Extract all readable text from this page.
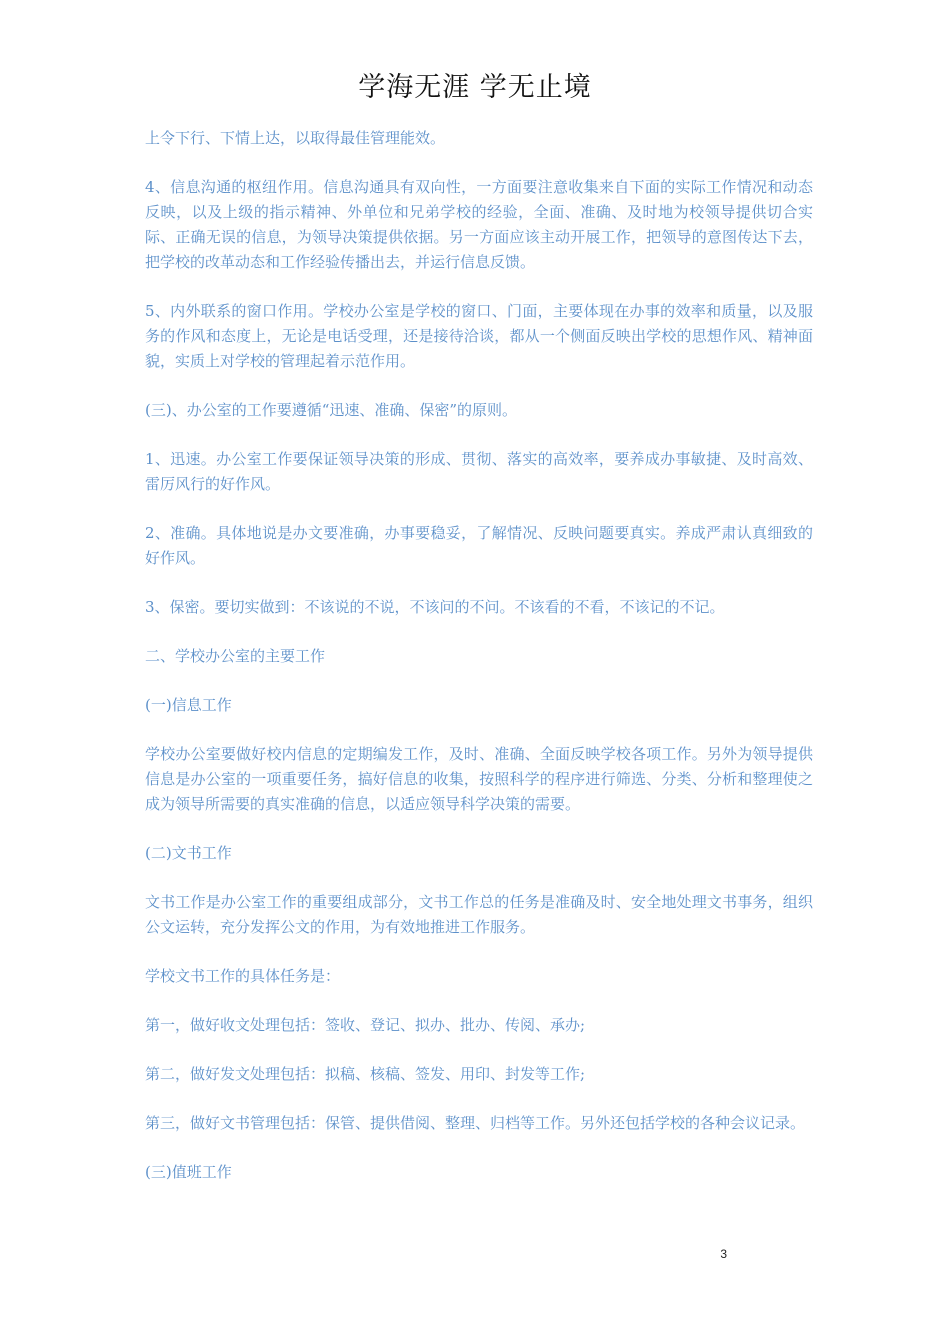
学海无涯 学无止境

上令下行、下情上达，以取得最佳管理能效。

4、信息沟通的枢纽作用。信息沟通具有双向性，一方面要注意收集来自下面的实际工作情况和动态反映，以及上级的指示精神、外单位和兄弟学校的经验，全面、准确、及时地为校领导提供切合实际、正确无误的信息，为领导决策提供依据。另一方面应该主动开展工作，把领导的意图传达下去，把学校的改革动态和工作经验传播出去，并运行信息反馈。

5、内外联系的窗口作用。学校办公室是学校的窗口、门面，主要体现在办事的效率和质量，以及服务的作风和态度上，无论是电话受理，还是接待洽谈，都从一个侧面反映出学校的思想作风、精神面貌，实质上对学校的管理起着示范作用。

(三)、办公室的工作要遵循“迅速、准确、保密”的原则。

1、迅速。办公室工作要保证领导决策的形成、贯彻、落实的高效率，要养成办事敏捷、及时高效、雷厉风行的好作风。

2、准确。具体地说是办文要准确，办事要稳妥，了解情况、反映问题要真实。养成严肃认真细致的好作风。

3、保密。要切实做到：不该说的不说，不该问的不问。不该看的不看，不该记的不记。

二、学校办公室的主要工作

(一)信息工作

学校办公室要做好校内信息的定期编发工作，及时、准确、全面反映学校各项工作。另外为领导提供信息是办公室的一项重要任务，搞好信息的收集，按照科学的程序进行筛选、分类、分析和整理使之成为领导所需要的真实准确的信息，以适应领导科学决策的需要。

(二)文书工作

文书工作是办公室工作的重要组成部分，文书工作总的任务是准确及时、安全地处理文书事务，组织公文运转，充分发挥公文的作用，为有效地推进工作服务。

学校文书工作的具体任务是：

第一，做好收文处理包括：签收、登记、拟办、批办、传阅、承办;

第二，做好发文处理包括：拟稿、核稿、签发、用印、封发等工作;

第三，做好文书管理包括：保管、提供借阅、整理、归档等工作。另外还包括学校的各种会议记录。

(三)值班工作

3
